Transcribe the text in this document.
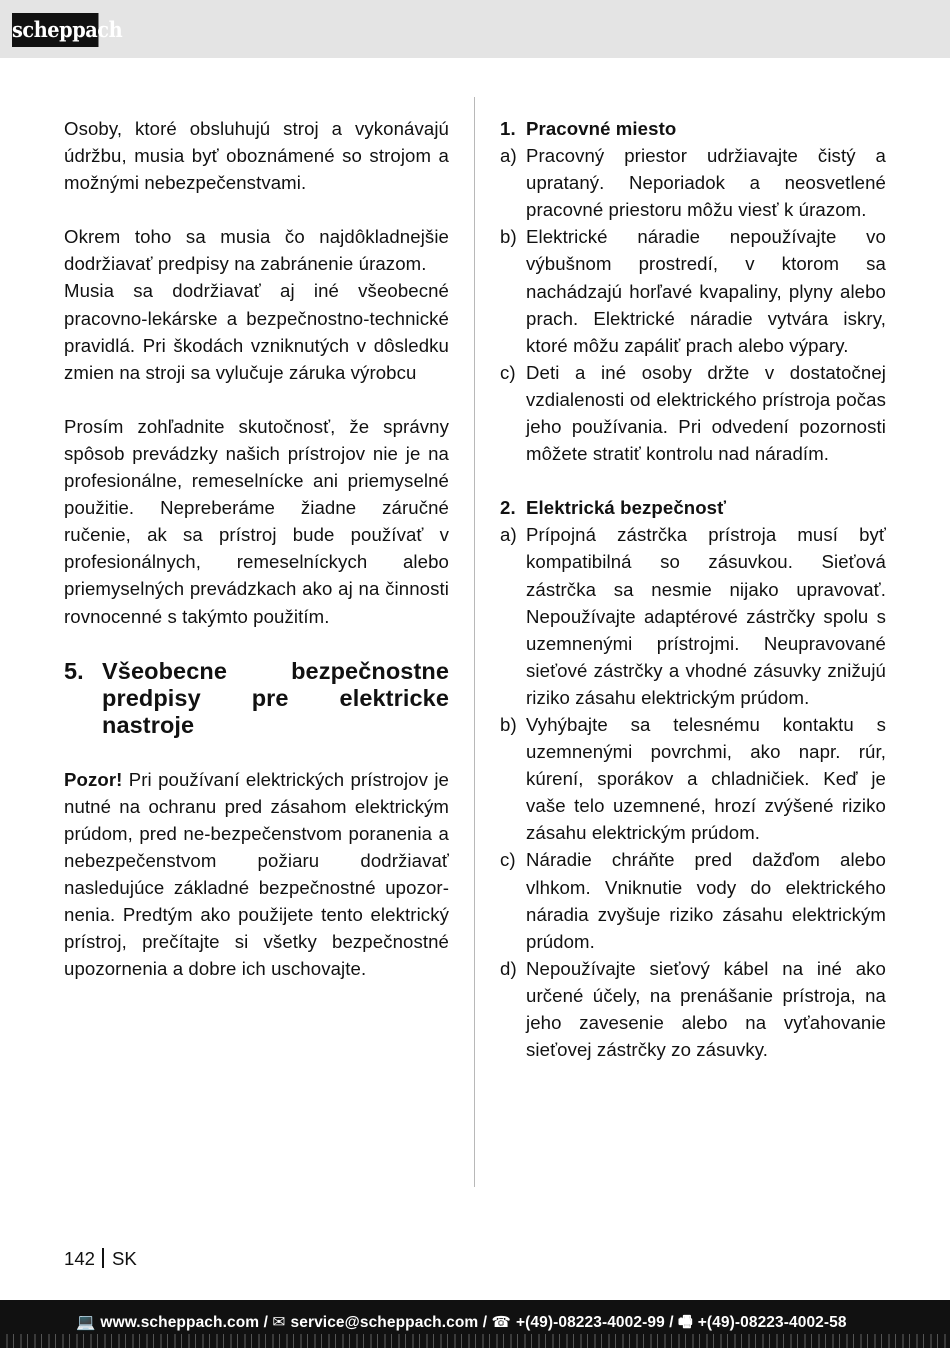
scheppach

Osoby, ktoré obsluhujú stroj a vykonávajú údržbu, musia byť oboznámené so strojom a možnými nebezpečenstvami.

Okrem toho sa musia čo najdôkladnejšie dodržiavať predpisy na zabránenie úrazom.

Musia sa dodržiavať aj iné všeobecné pracovno-lekárske a bezpečnostno-technické pravidlá. Pri škodách vzniknutých v dôsledku zmien na stroji sa vylučuje záruka výrobcu

Prosím zohľadnite skutočnosť, že správny spôsob prevádzky našich prístrojov nie je na profesionálne, remeselnícke ani priemyselné použitie. Nepreberáme žiadne záručné ručenie, ak sa prístroj bude používať v profesionálnych, remeselníckych alebo priemyselných prevádzkach ako aj na činnosti rovnocenné s takýmto použitím.

5. Všeobecne bezpečnostne
predpisy pre elektricke nastroje

Pozor! Pri používaní elektrických prístrojov je nutné na ochranu pred zásahom elektrickým prúdom, pred ne-bezpečenstvom poranenia a nebezpečenstvom požiaru dodržiavať nasledujúce základné bezpečnostné upozor-nenia. Predtým ako použijete tento elektrický prístroj, prečítajte si všetky bezpečnostné upozornenia a dobre ich uschovajte.

1. Pracovné miesto
a) Pracovný priestor udržiavajte čistý a uprataný. Neporiadok a neosvetlené pracovné priestoru môžu viesť k úrazom.
b) Elektrické náradie nepoužívajte vo výbušnom prostredí, v ktorom sa nachádzajú horľavé kvapaliny, plyny alebo prach. Elektrické náradie vytvára iskry, ktoré môžu zapáliť prach alebo výpary.
c) Deti a iné osoby držte v dostatočnej vzdialenosti od elektrického prístroja počas jeho používania. Pri odvedení pozornosti môžete stratiť kontrolu nad náradím.
2. Elektrická bezpečnosť
a) Prípojná zástrčka prístroja musí byť kompatibilná so zásuvkou. Sieťová zástrčka sa nesmie nijako upravovať. Nepoužívajte adaptérové zástrčky spolu s uzemnenými prístrojmi. Neupravované sieťové zástrčky a vhodné zásuvky znižujú riziko zásahu elektrickým prúdom.
b) Vyhýbajte sa telesnému kontaktu s uzemnenými povrchmi, ako napr. rúr, kúrení, sporákov a chladničiek. Keď je vaše telo uzemnené, hrozí zvýšené riziko zásahu elektrickým prúdom.
c) Náradie chráňte pred dažďom alebo vlhkom. Vniknutie vody do elektrického náradia zvyšuje riziko zásahu elektrickým prúdom.
d) Nepoužívajte sieťový kábel na iné ako určené účely, na prenášanie prístroja, na jeho zavesenie alebo na vyťahovanie sieťovej zástrčky zo zásuvky.
142 SK
💻 www.scheppach.com / ✉ service@scheppach.com / ☎ +(49)-08223-4002-99 / 🖷 +(49)-08223-4002-58
